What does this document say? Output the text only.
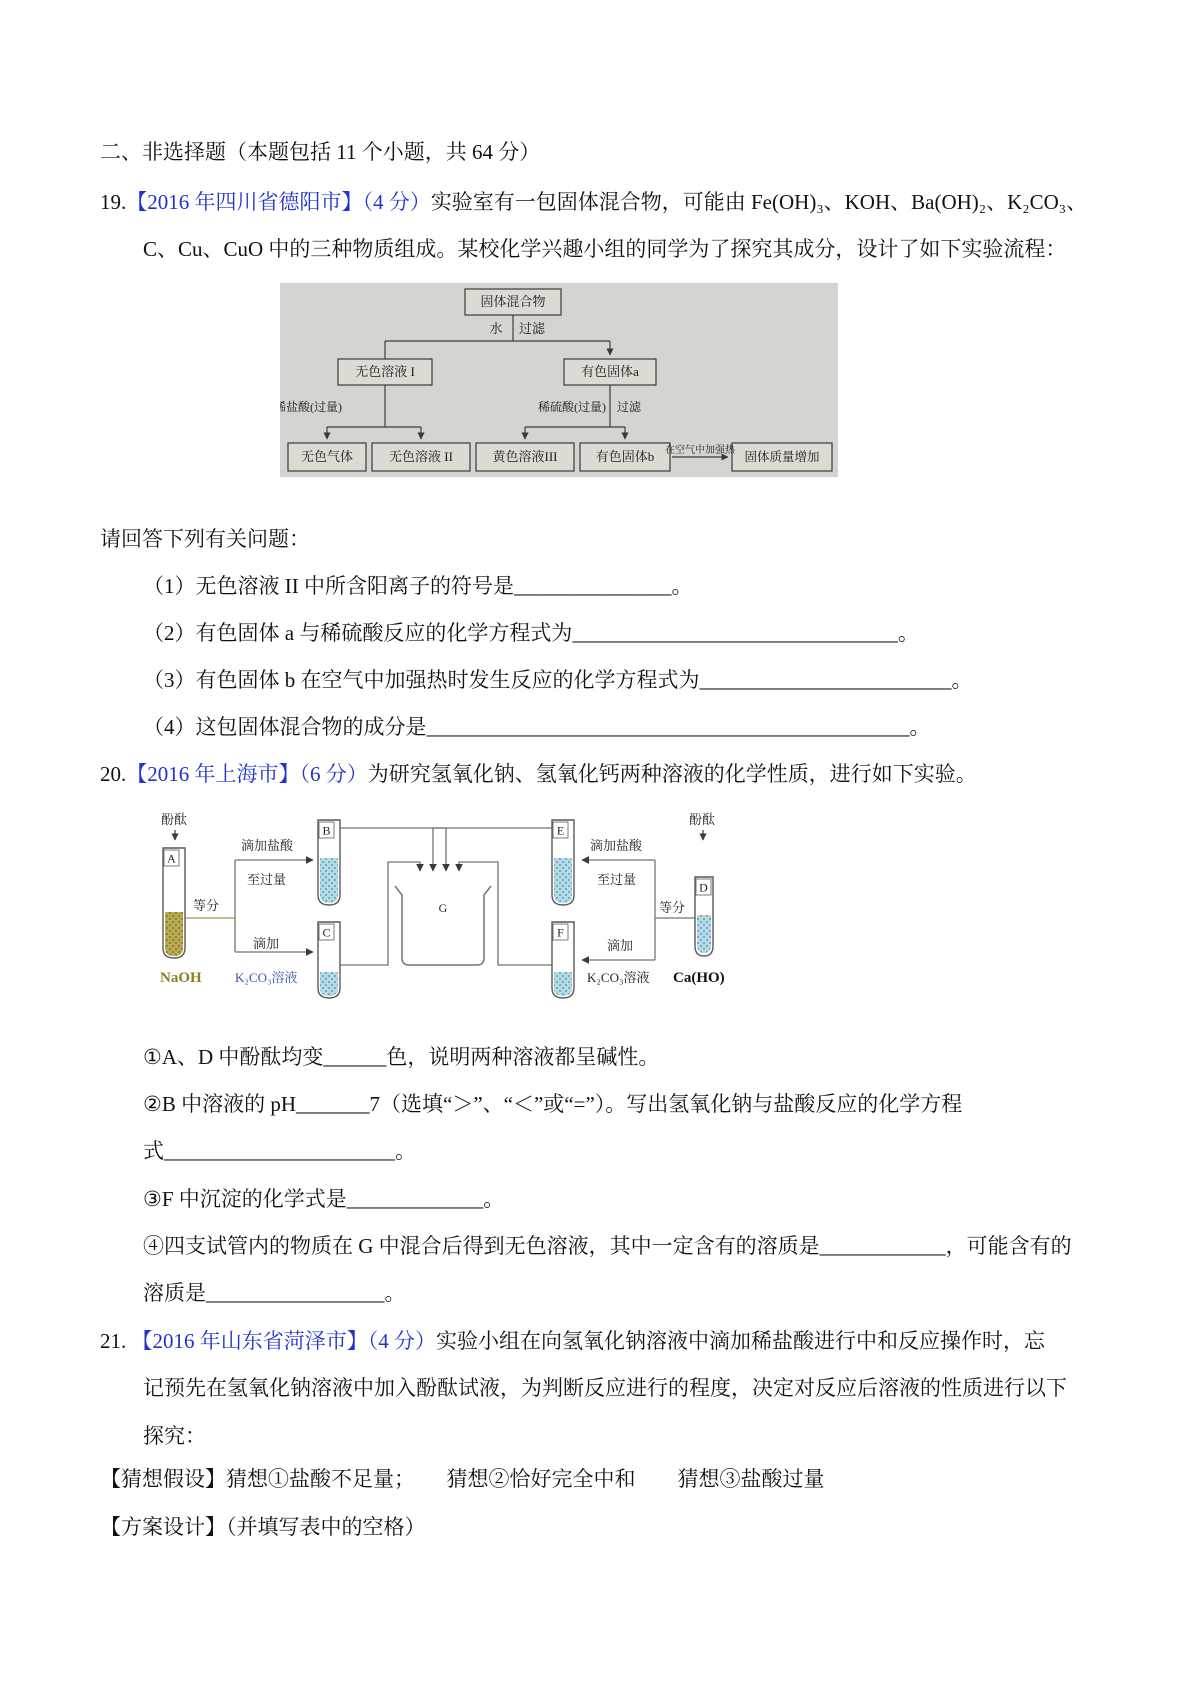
二、非选择题（本题包括 11 个小题，共 64 分）
19.【2016 年四川省德阳市】（4 分）实验室有一包固体混合物，可能由 Fe(OH)₃、KOH、Ba(OH)₂、K₂CO₃、
C、Cu、CuO 中的三种物质组成。某校化学兴趣小组的同学为了探究其成分，设计了如下实验流程：
固体混合物
水 过滤
无色溶液 I	有色固体a
稀盐酸(过量)	稀硫酸(过量) 过滤
无色气体	无色溶液 II	黄色溶液III	有色固体b 在空气中加强热 固体质量增加
请回答下列有关问题：
（1）无色溶液 II 中所含阳离子的符号是_______________。
（2）有色固体 a 与稀硫酸反应的化学方程式为_______________________________。
（3）有色固体 b 在空气中加强热时发生反应的化学方程式为________________________。
（4）这包固体混合物的成分是______________________________________________。
20.【2016 年上海市】（6 分）为研究氢氧化钠、氢氧化钙两种溶液的化学性质，进行如下实验。
A
B
C
E
F
D
G
酚酞	酚酞
等分	等分
滴加盐酸
至过量
滴加盐酸
至过量
滴加	滴加
K₂CO₃溶液	K₂CO₃溶液
NaOH	Ca(HO)
①A、D 中酚酞均变______色，说明两种溶液都呈碱性。
②B 中溶液的 pH_______7（选填“＞”、“＜”或“=”）。写出氢氧化钠与盐酸反应的化学方程
式______________________。
③F 中沉淀的化学式是_____________。
④四支试管内的物质在 G 中混合后得到无色溶液，其中一定含有的溶质是____________，可能含有的
溶质是_________________。
21. 【2016 年山东省菏泽市】（4 分）实验小组在向氢氧化钠溶液中滴加稀盐酸进行中和反应操作时，忘
记预先在氢氧化钠溶液中加入酚酞试液，为判断反应进行的程度，决定对反应后溶液的性质进行以下
探究：
【猜想假设】猜想①盐酸不足量；　　猜想②恰好完全中和　　猜想③盐酸过量
【方案设计】（并填写表中的空格）
